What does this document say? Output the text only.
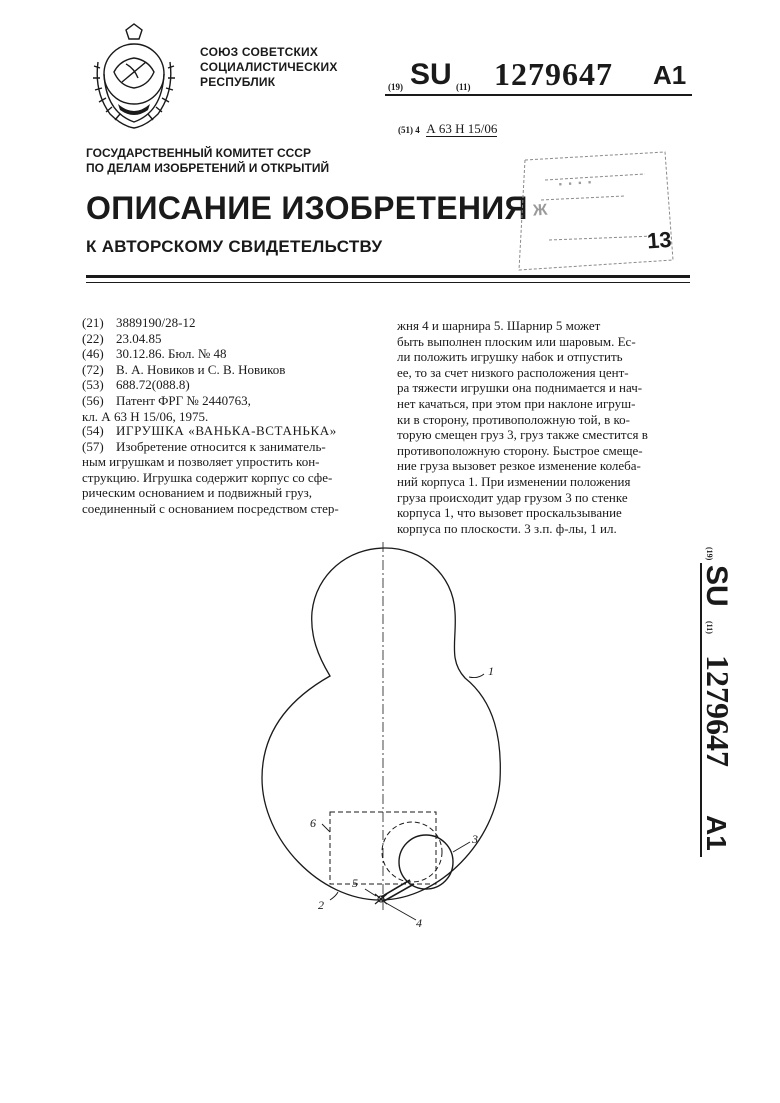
СОЮЗ СОВЕТСКИХ
СОЦИАЛИСТИЧЕСКИХ
РЕСПУБЛИК	(19) SU (11) 1279647 A1
(51) 4 А 63 Н 15/06
ГОСУДАРСТВЕННЫЙ КОМИТЕТ СССР
ПО ДЕЛАМ ИЗОБРЕТЕНИЙ И ОТКРЫТИЙ
ОПИСАНИЕ ИЗОБРЕТЕНИЯ
К АВТОРСКОМУ СВИДЕТЕЛЬСТВУ
· · · ·
Ж
13
(21) 3889190/28-12
(22) 23.04.85
(46) 30.12.86. Бюл. № 48
(72) В. А. Новиков и С. В. Новиков
(53) 688.72(088.8)
(56) Патент ФРГ № 2440763,
кл. А 63 Н 15/06, 1975.
(54) ИГРУШКА «ВАНЬКА-ВСТАНЬКА»
(57) Изобретение относится к заниматель-
ным игрушкам и позволяет упростить кон-
струкцию. Игрушка содержит корпус со сфе-
рическим основанием и подвижный груз,
соединенный с основанием посредством стер-
жня 4 и шарнира 5. Шарнир 5 может
быть выполнен плоским или шаровым. Ес-
ли положить игрушку набок и отпустить
ее, то за счет низкого расположения цент-
ра тяжести игрушки она поднимается и нач-
нет качаться, при этом при наклоне игруш-
ки в сторону, противоположную той, в ко-
торую смещен груз 3, груз также сместится в
противоположную сторону. Быстрое смеще-
ние груза вызовет резкое изменение колеба-
ний корпуса 1. При изменении положения
груза происходит удар грузом 3 по стенке
корпуса 1, что вызовет проскальзывание
корпуса по плоскости. 3 з.п. ф-лы, 1 ил.
(19)
SU
(11)
1279647
A1
1
3
6
5
2
4
